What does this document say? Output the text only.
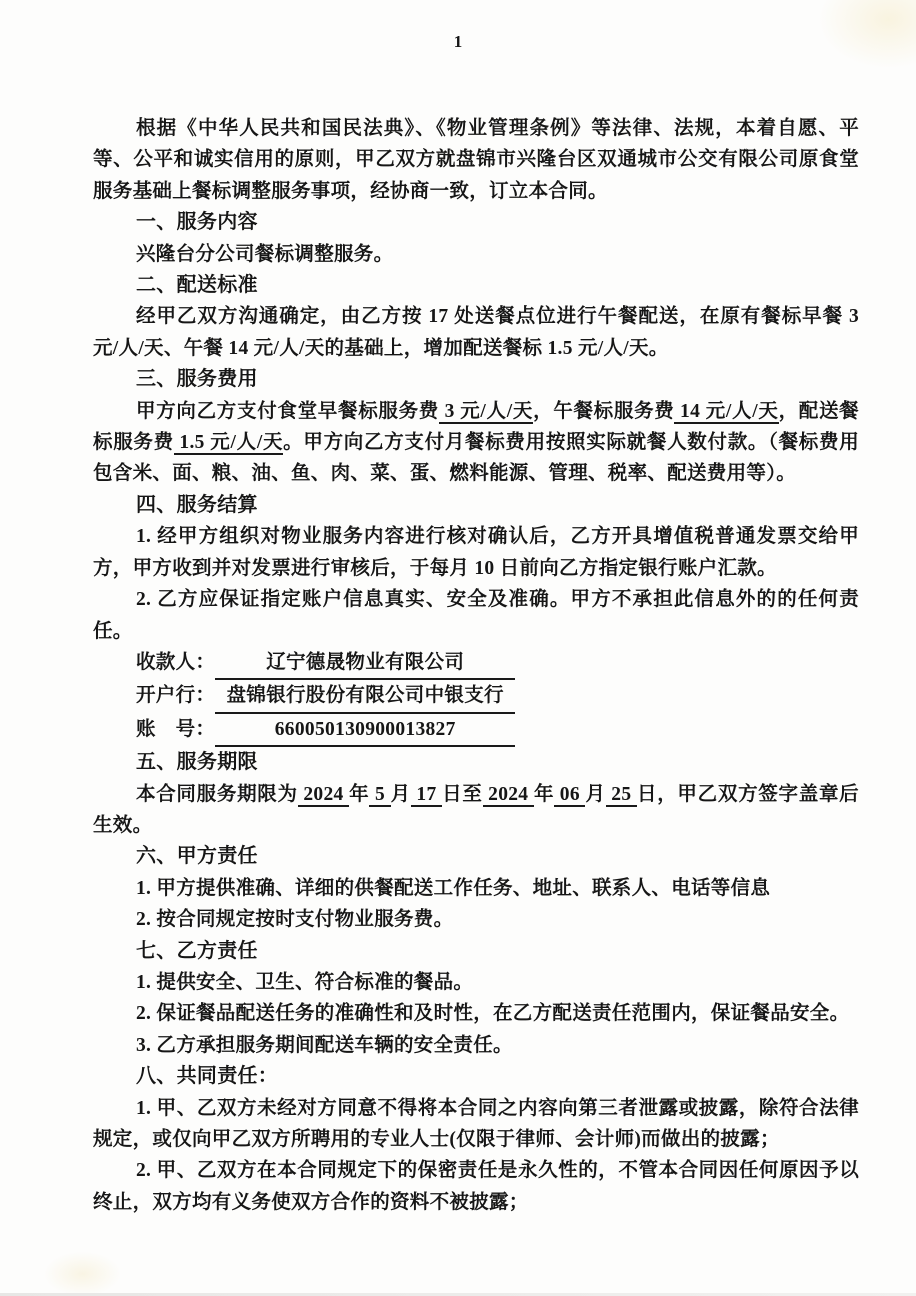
根据《中华人民共和国民法典》、《物业管理条例》等法律、法规，本着自愿、平等、公平和诚实信用的原则，甲乙双方就盘锦市兴隆台区双通城市公交有限公司原食堂服务基础上餐标调整服务事项，经协商一致，订立本合同。

一、服务内容

兴隆台分公司餐标调整服务。

二、配送标准

经甲乙双方沟通确定，由乙方按 17 处送餐点位进行午餐配送，在原有餐标早餐 3 元/人/天、午餐 14 元/人/天的基础上，增加配送餐标 1.5 元/人/天。

三、服务费用

甲方向乙方支付食堂早餐标服务费 3 元/人/天，午餐标服务费 14 元/人/天，配送餐标服务费 1.5 元/人/天。甲方向乙方支付月餐标费用按照实际就餐人数付款。（餐标费用包含米、面、粮、油、鱼、肉、菜、蛋、燃料能源、管理、税率、配送费用等）。

四、服务结算

1. 经甲方组织对物业服务内容进行核对确认后，乙方开具增值税普通发票交给甲方，甲方收到并对发票进行审核后，于每月 10 日前向乙方指定银行账户汇款。

2. 乙方应保证指定账户信息真实、安全及准确。甲方不承担此信息外的的任何责任。

收款人：	辽宁德晟物业有限公司

开户行： 盘锦银行股份有限公司中银支行

账　号：	660050130900013827

五、服务期限

本合同服务期限为 2024 年 5 月 17 日至 2024 年 06 月 25 日，甲乙双方签字盖章后生效。

六、甲方责任

1. 甲方提供准确、详细的供餐配送工作任务、地址、联系人、电话等信息

2. 按合同规定按时支付物业服务费。

七、乙方责任

1. 提供安全、卫生、符合标准的餐品。

2. 保证餐品配送任务的准确性和及时性，在乙方配送责任范围内，保证餐品安全。

3. 乙方承担服务期间配送车辆的安全责任。

八、共同责任：

1. 甲、乙双方未经对方同意不得将本合同之内容向第三者泄露或披露，除符合法律规定，或仅向甲乙双方所聘用的专业人士(仅限于律师、会计师)而做出的披露；

2. 甲、乙双方在本合同规定下的保密责任是永久性的，不管本合同因任何原因予以终止，双方均有义务使双方合作的资料不被披露；

1
